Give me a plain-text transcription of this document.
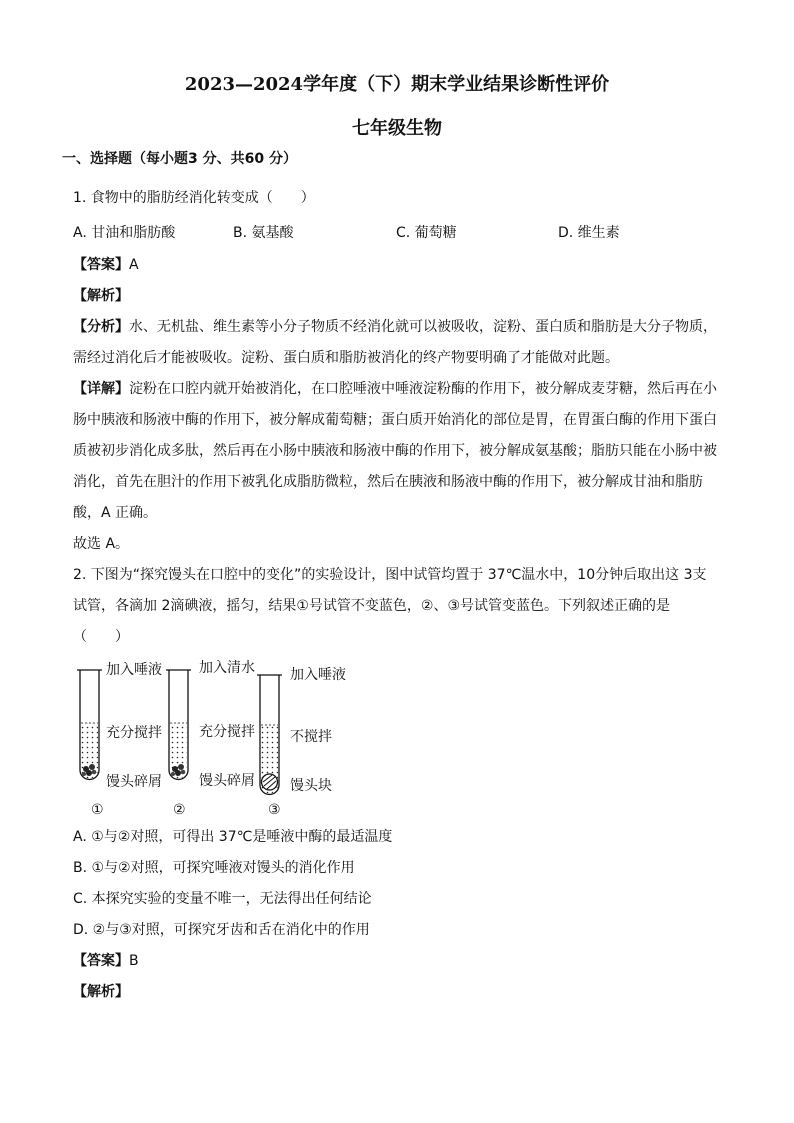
2023—2024学年度（下）期末学业结果诊断性评价
七年级生物
一、选择题（每小题3 分、共60 分）
1. 食物中的脂肪经消化转变成（　　）
A. 甘油和脂肪酸	B. 氨基酸	C. 葡萄糖	D. 维生素
【答案】A
【解析】
【分析】水、无机盐、维生素等小分子物质不经消化就可以被吸收，淀粉、蛋白质和脂肪是大分子物质，
需经过消化后才能被吸收。淀粉、蛋白质和脂肪被消化的终产物要明确了才能做对此题。
【详解】淀粉在口腔内就开始被消化，在口腔唾液中唾液淀粉酶的作用下，被分解成麦芽糖，然后再在小
肠中胰液和肠液中酶的作用下，被分解成葡萄糖；蛋白质开始消化的部位是胃，在胃蛋白酶的作用下蛋白
质被初步消化成多肽，然后再在小肠中胰液和肠液中酶的作用下，被分解成氨基酸；脂肪只能在小肠中被
消化，首先在胆汁的作用下被乳化成脂肪微粒，然后在胰液和肠液中酶的作用下，被分解成甘油和脂肪
酸，A 正确。
故选 A。
2. 下图为“探究馒头在口腔中的变化”的实验设计，图中试管均置于 37℃温水中，10分钟后取出这 3支
试管，各滴加 2滴碘液，摇匀，结果①号试管不变蓝色，②、③号试管变蓝色。下列叙述正确的是
（　　）
加入唾液
充分搅拌
馒头碎屑
①
加入清水
充分搅拌
馒头碎屑
②
加入唾液
不搅拌
馒头块
③
A. ①与②对照，可得出 37℃是唾液中酶的最适温度
B. ①与②对照，可探究唾液对馒头的消化作用
C. 本探究实验的变量不唯一，无法得出任何结论
D. ②与③对照，可探究牙齿和舌在消化中的作用
【答案】B
【解析】
